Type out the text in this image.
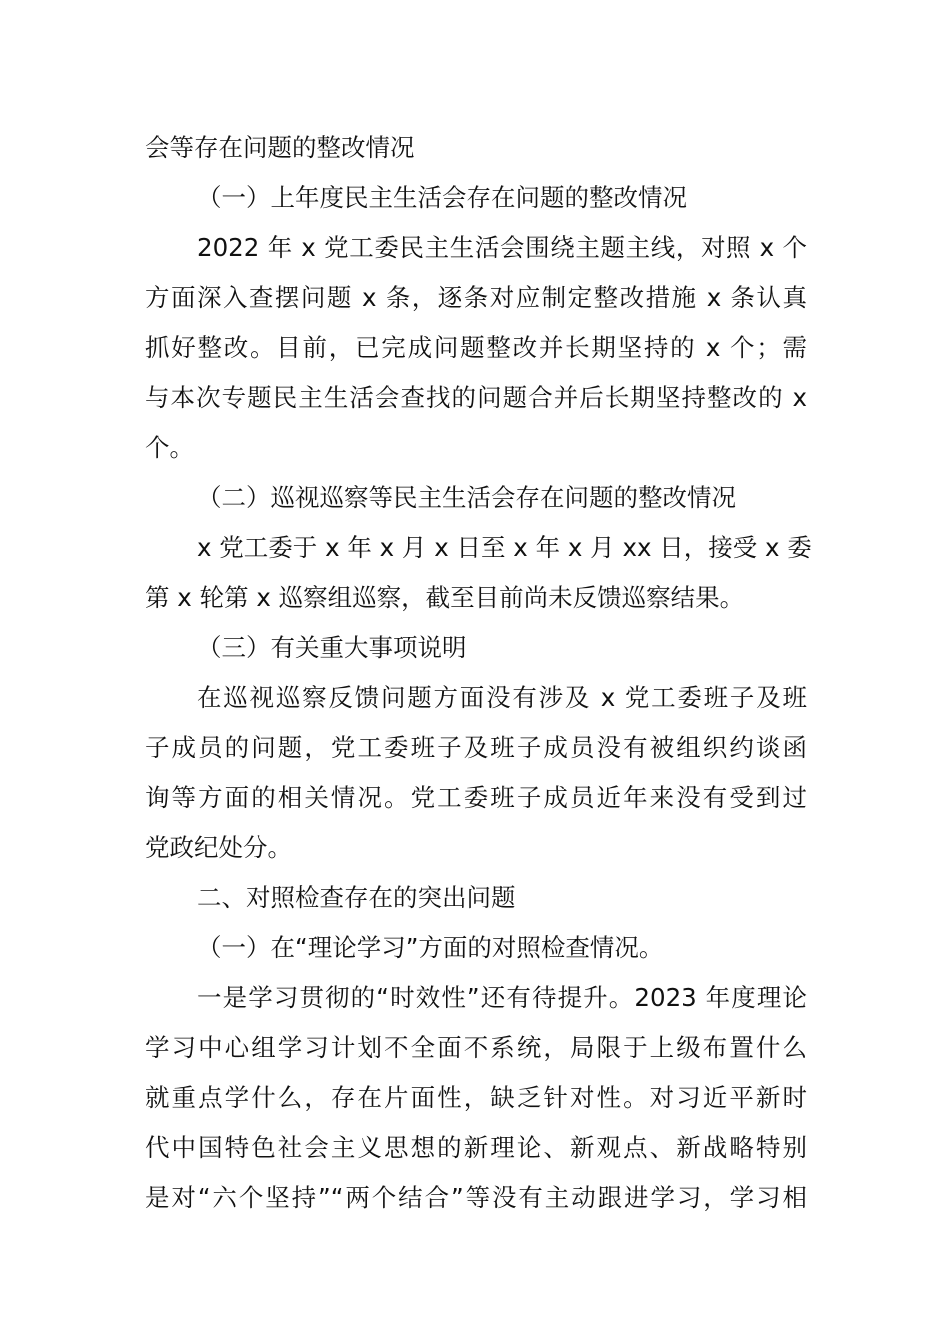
会等存在问题的整改情况
（一）上年度民主生活会存在问题的整改情况
2022 年 x 党工委民主生活会围绕主题主线，对照 x 个
方面深入查摆问题 x 条，逐条对应制定整改措施 x 条认真
抓好整改。目前，已完成问题整改并长期坚持的 x 个；需
与本次专题民主生活会查找的问题合并后长期坚持整改的 x
个。
（二）巡视巡察等民主生活会存在问题的整改情况
x 党工委于 x 年 x 月 x 日至 x 年 x 月 xx 日，接受 x 委
第 x 轮第 x 巡察组巡察，截至目前尚未反馈巡察结果。
（三）有关重大事项说明
在巡视巡察反馈问题方面没有涉及 x 党工委班子及班
子成员的问题，党工委班子及班子成员没有被组织约谈函
询等方面的相关情况。党工委班子成员近年来没有受到过
党政纪处分。
二、对照检查存在的突出问题
（一）在“理论学习”方面的对照检查情况。
一是学习贯彻的“时效性”还有待提升。2023 年度理论
学习中心组学习计划不全面不系统，局限于上级布置什么
就重点学什么，存在片面性，缺乏针对性。对习近平新时
代中国特色社会主义思想的新理论、新观点、新战略特别
是对“六个坚持”“两个结合”等没有主动跟进学习，学习相
